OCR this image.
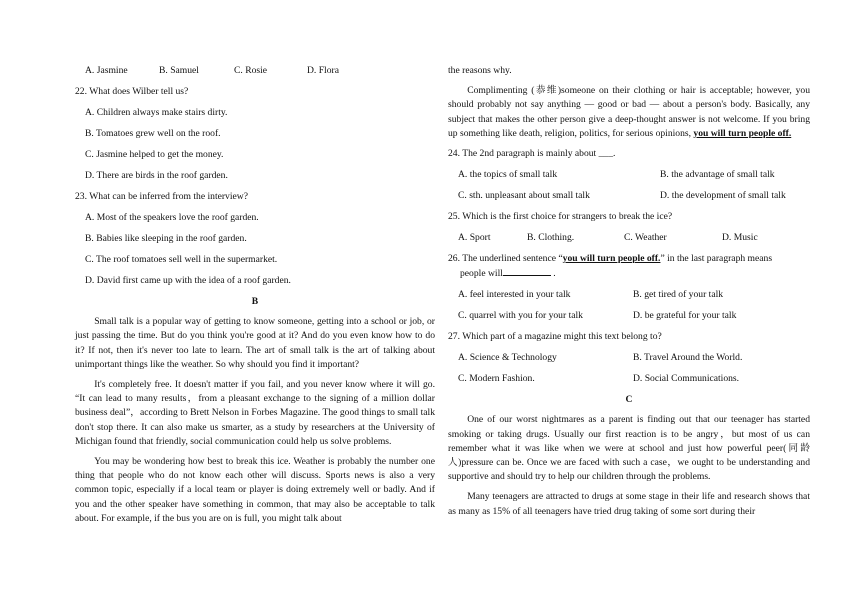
A. Jasmine	B. Samuel	C. Rosie	D. Flora
22. What does Wilber tell us?
A. Children always make stairs dirty.
B. Tomatoes grew well on the roof.
C. Jasmine helped to get the money.
D. There are birds in the roof garden.
23. What can be inferred from the interview?
A. Most of the speakers love the roof garden.
B. Babies like sleeping in the roof garden.
C. The roof tomatoes sell well in the supermarket.
D. David first came up with the idea of a roof garden.
B
Small talk is a popular way of getting to know someone, getting into a school or job, or just passing the time. But do you think you're good at it? And do you even know how to do it? If not, then it's never too late to learn. The art of small talk is the art of talking about unimportant things like the weather. So why should you find it important?
It's completely free. It doesn't matter if you fail, and you never know where it will go. “It can lead to many results，from a pleasant exchange to the signing of a million dollar business deal”，according to Brett Nelson in Forbes Magazine. The good things to small talk don't stop there. It can also make us smarter, as a study by researchers at the University of Michigan found that friendly, social communication could help us solve problems.
You may be wondering how best to break this ice. Weather is probably the number one thing that people who do not know each other will discuss. Sports news is also a very common topic, especially if a local team or player is doing extremely well or badly. And if you and the other speaker have something in common, that may also be acceptable to talk about. For example, if the bus you are on is full, you might talk about
the reasons why.
Complimenting (恭维)someone on their clothing or hair is acceptable; however, you should probably not say anything — good or bad — about a person's body. Basically, any subject that makes the other person give a deep-thought answer is not welcome. If you bring up something like death, religion, politics, for serious opinions, you will turn people off.
24. The 2nd paragraph is mainly about ___.
A. the topics of small talk	B. the advantage of small talk
C. sth. unpleasant about small talk	D. the development of small talk
25. Which is the first choice for strangers to break the ice?
A. Sport	B. Clothing.	C. Weather	D. Music
26. The underlined sentence “you will turn people off.” in the last paragraph means
people will	.
A. feel interested in your talk	B. get tired of your talk
C. quarrel with you for your talk	D. be grateful for your talk
27. Which part of a magazine might this text belong to?
A. Science & Technology	B. Travel Around the World.
C. Modern Fashion.	D. Social Communications.
C
One of our worst nightmares as a parent is finding out that our teenager has started smoking or taking drugs. Usually our first reaction is to be angry，but most of us can remember what it was like when we were at school and just how powerful peer(同龄人)pressure can be. Once we are faced with such a case，we ought to be understanding and supportive and should try to help our children through the problems.
Many teenagers are attracted to drugs at some stage in their life and research shows that as many as 15% of all teenagers have tried drug taking of some sort during their
